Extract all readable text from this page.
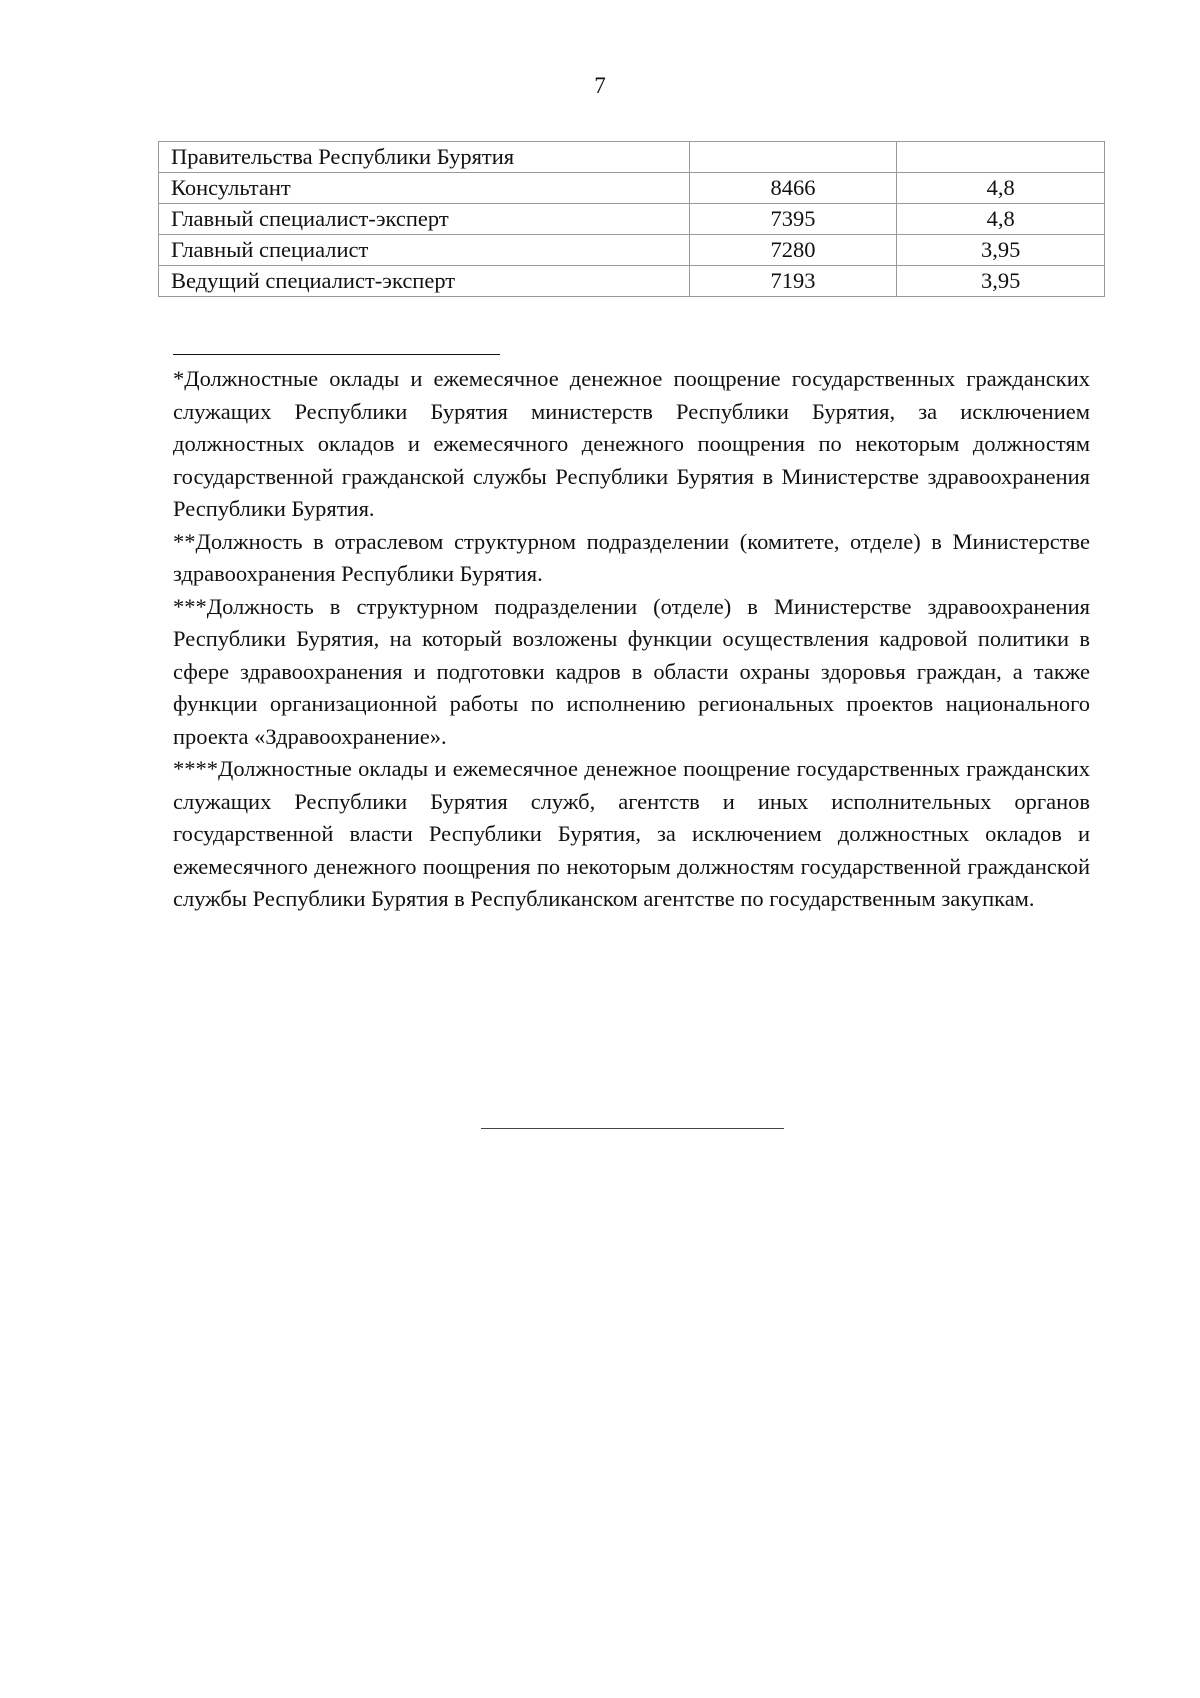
7
Правительства Республики Бурятия		
Консультант	8466	4,8
Главный специалист-эксперт	7395	4,8
Главный специалист	7280	3,95
Ведущий специалист-эксперт	7193	3,95

*Должностные оклады и ежемесячное денежное поощрение государственных гражданских служащих Республики Бурятия министерств Республики Бурятия, за исключением должностных окладов и ежемесячного денежного поощрения по некоторым должностям государственной гражданской службы Республики Бурятия в Министерстве здравоохранения Республики Бурятия.

**Должность в отраслевом структурном подразделении (комитете, отделе) в Министерстве здравоохранения Республики Бурятия.

***Должность в структурном подразделении (отделе) в Министерстве здравоохранения Республики Бурятия, на который возложены функции осуществления кадровой политики в сфере здравоохранения и подготовки кадров в области охраны здоровья граждан, а также функции организационной работы по исполнению региональных проектов национального проекта «Здравоохранение».

****Должностные оклады и ежемесячное денежное поощрение государственных гражданских служащих Республики Бурятия служб, агентств и иных исполнительных органов государственной власти Республики Бурятия, за исключением должностных окладов и ежемесячного денежного поощрения по некоторым должностям государственной гражданской службы Республики Бурятия в Республиканском агентстве по государственным закупкам.
